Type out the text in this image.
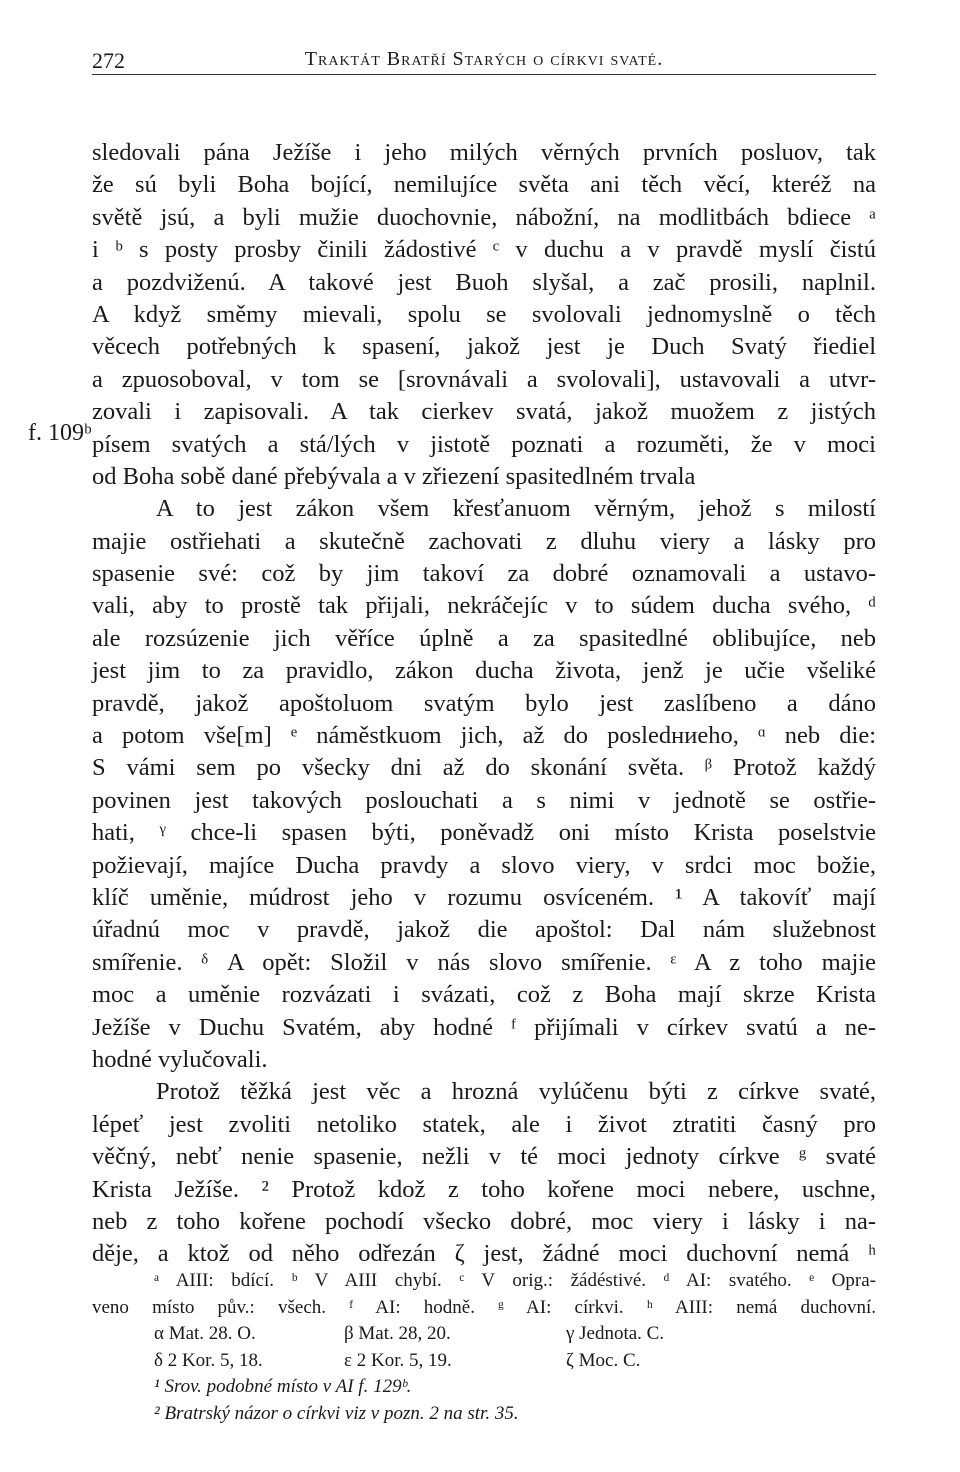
272	Traktát Bratří Starých o církvi svaté.
f. 109ᵇ
sledovali pána Ježíše i jeho milých věrných prvních posluov, tak
že sú byli Boha bojící, nemilujíce světa ani těch věcí, kteréž na
světě jsú, a byli mužie duochovnie, nábožní, na modlitbách bdiece ᵃ
i ᵇ s posty prosby činili žádostivé ᶜ v duchu a v pravdě myslí čistú
a pozdviženú. A takové jest Buoh slyšal, a zač prosili, naplnil.
A když směmy mievali, spolu se svolovali jednomyslně o těch
věcech potřebných k spasení, jakož jest je Duch Svatý řiediel
a zpuosoboval, v tom se [srovnávali a svolovali], ustavovali a utvr-
zovali i zapisovali. A tak cierkev svatá, jakož muožem z jistých
písem svatých a stá/lých v jistotě poznati a rozuměti, že v moci
od Boha sobě dané přebývala a v zřiezení spasitedlném trvala
A to jest zákon všem křesťanuom věrným, jehož s milostí
majie ostřiehati a skutečně zachovati z dluhu viery a lásky pro
spasenie své: což by jim takoví za dobré oznamovali a ustavo-
vali, aby to prostě tak přijali, nekráčejíc v to súdem ducha svého, ᵈ
ale rozsúzenie jich věříce úplně a za spasitedlné oblibujíce, neb
jest jim to za pravidlo, zákon ducha života, jenž je učie všeliké
pravdě, jakož apoštoluom svatým bylo jest zaslíbeno a dáno
a potom vše[m] ᵉ náměstkuom jich, až do posledниeho, ᵅ neb die:
S vámi sem po všecky dni až do skonání světa. ᵝ Protož každý
povinen jest takových poslouchati a s nimi v jednotě se ostřie-
hati, ᵞ chce-li spasen býti, poněvadž oni místo Krista poselstvie
požievají, majíce Ducha pravdy a slovo viery, v srdci moc božie,
klíč uměnie, múdrost jeho v rozumu osvíceném. ¹ A takovíť mají
úřadnú moc v pravdě, jakož die apoštol: Dal nám služebnost
smířenie. ᵟ A opět: Složil v nás slovo smířenie. ᵋ A z toho majie
moc a uměnie rozvázati i svázati, což z Boha mají skrze Krista
Ježíše v Duchu Svatém, aby hodné ᶠ přijímali v církev svatú a ne-
hodné vylučovali.
Protož těžká jest věc a hrozná vylúčenu býti z církve svaté,
lépeť jest zvoliti netoliko statek, ale i život ztratiti časný pro
věčný, nebť nenie spasenie, nežli v té moci jednoty církve ᵍ svaté
Krista Ježíše. ² Protož kdož z toho kořene moci nebere, uschne,
neb z toho kořene pochodí všecko dobré, moc viery i lásky i na-
děje, a ktož od něho odřezán ζ jest, žádné moci duchovní nemá ʰ
ᵃ AIII: bdící. ᵇ V AIII chybí. ᶜ V orig.: žádéstivé. ᵈ AI: svatého. ᵉ Opra-
veno místo pův.: všech. ᶠ AI: hodně. ᵍ AI: církvi. ʰ AIII: nemá duchovní.
α Mat. 28. O.	β Mat. 28, 20.	γ Jednota. C.
δ 2 Kor. 5, 18.	ε 2 Kor. 5, 19.	ζ Moc. C.
¹ Srov. podobné místo v AI f. 129ᵇ.
² Bratrský názor o církvi viz v pozn. 2 na str. 35.
